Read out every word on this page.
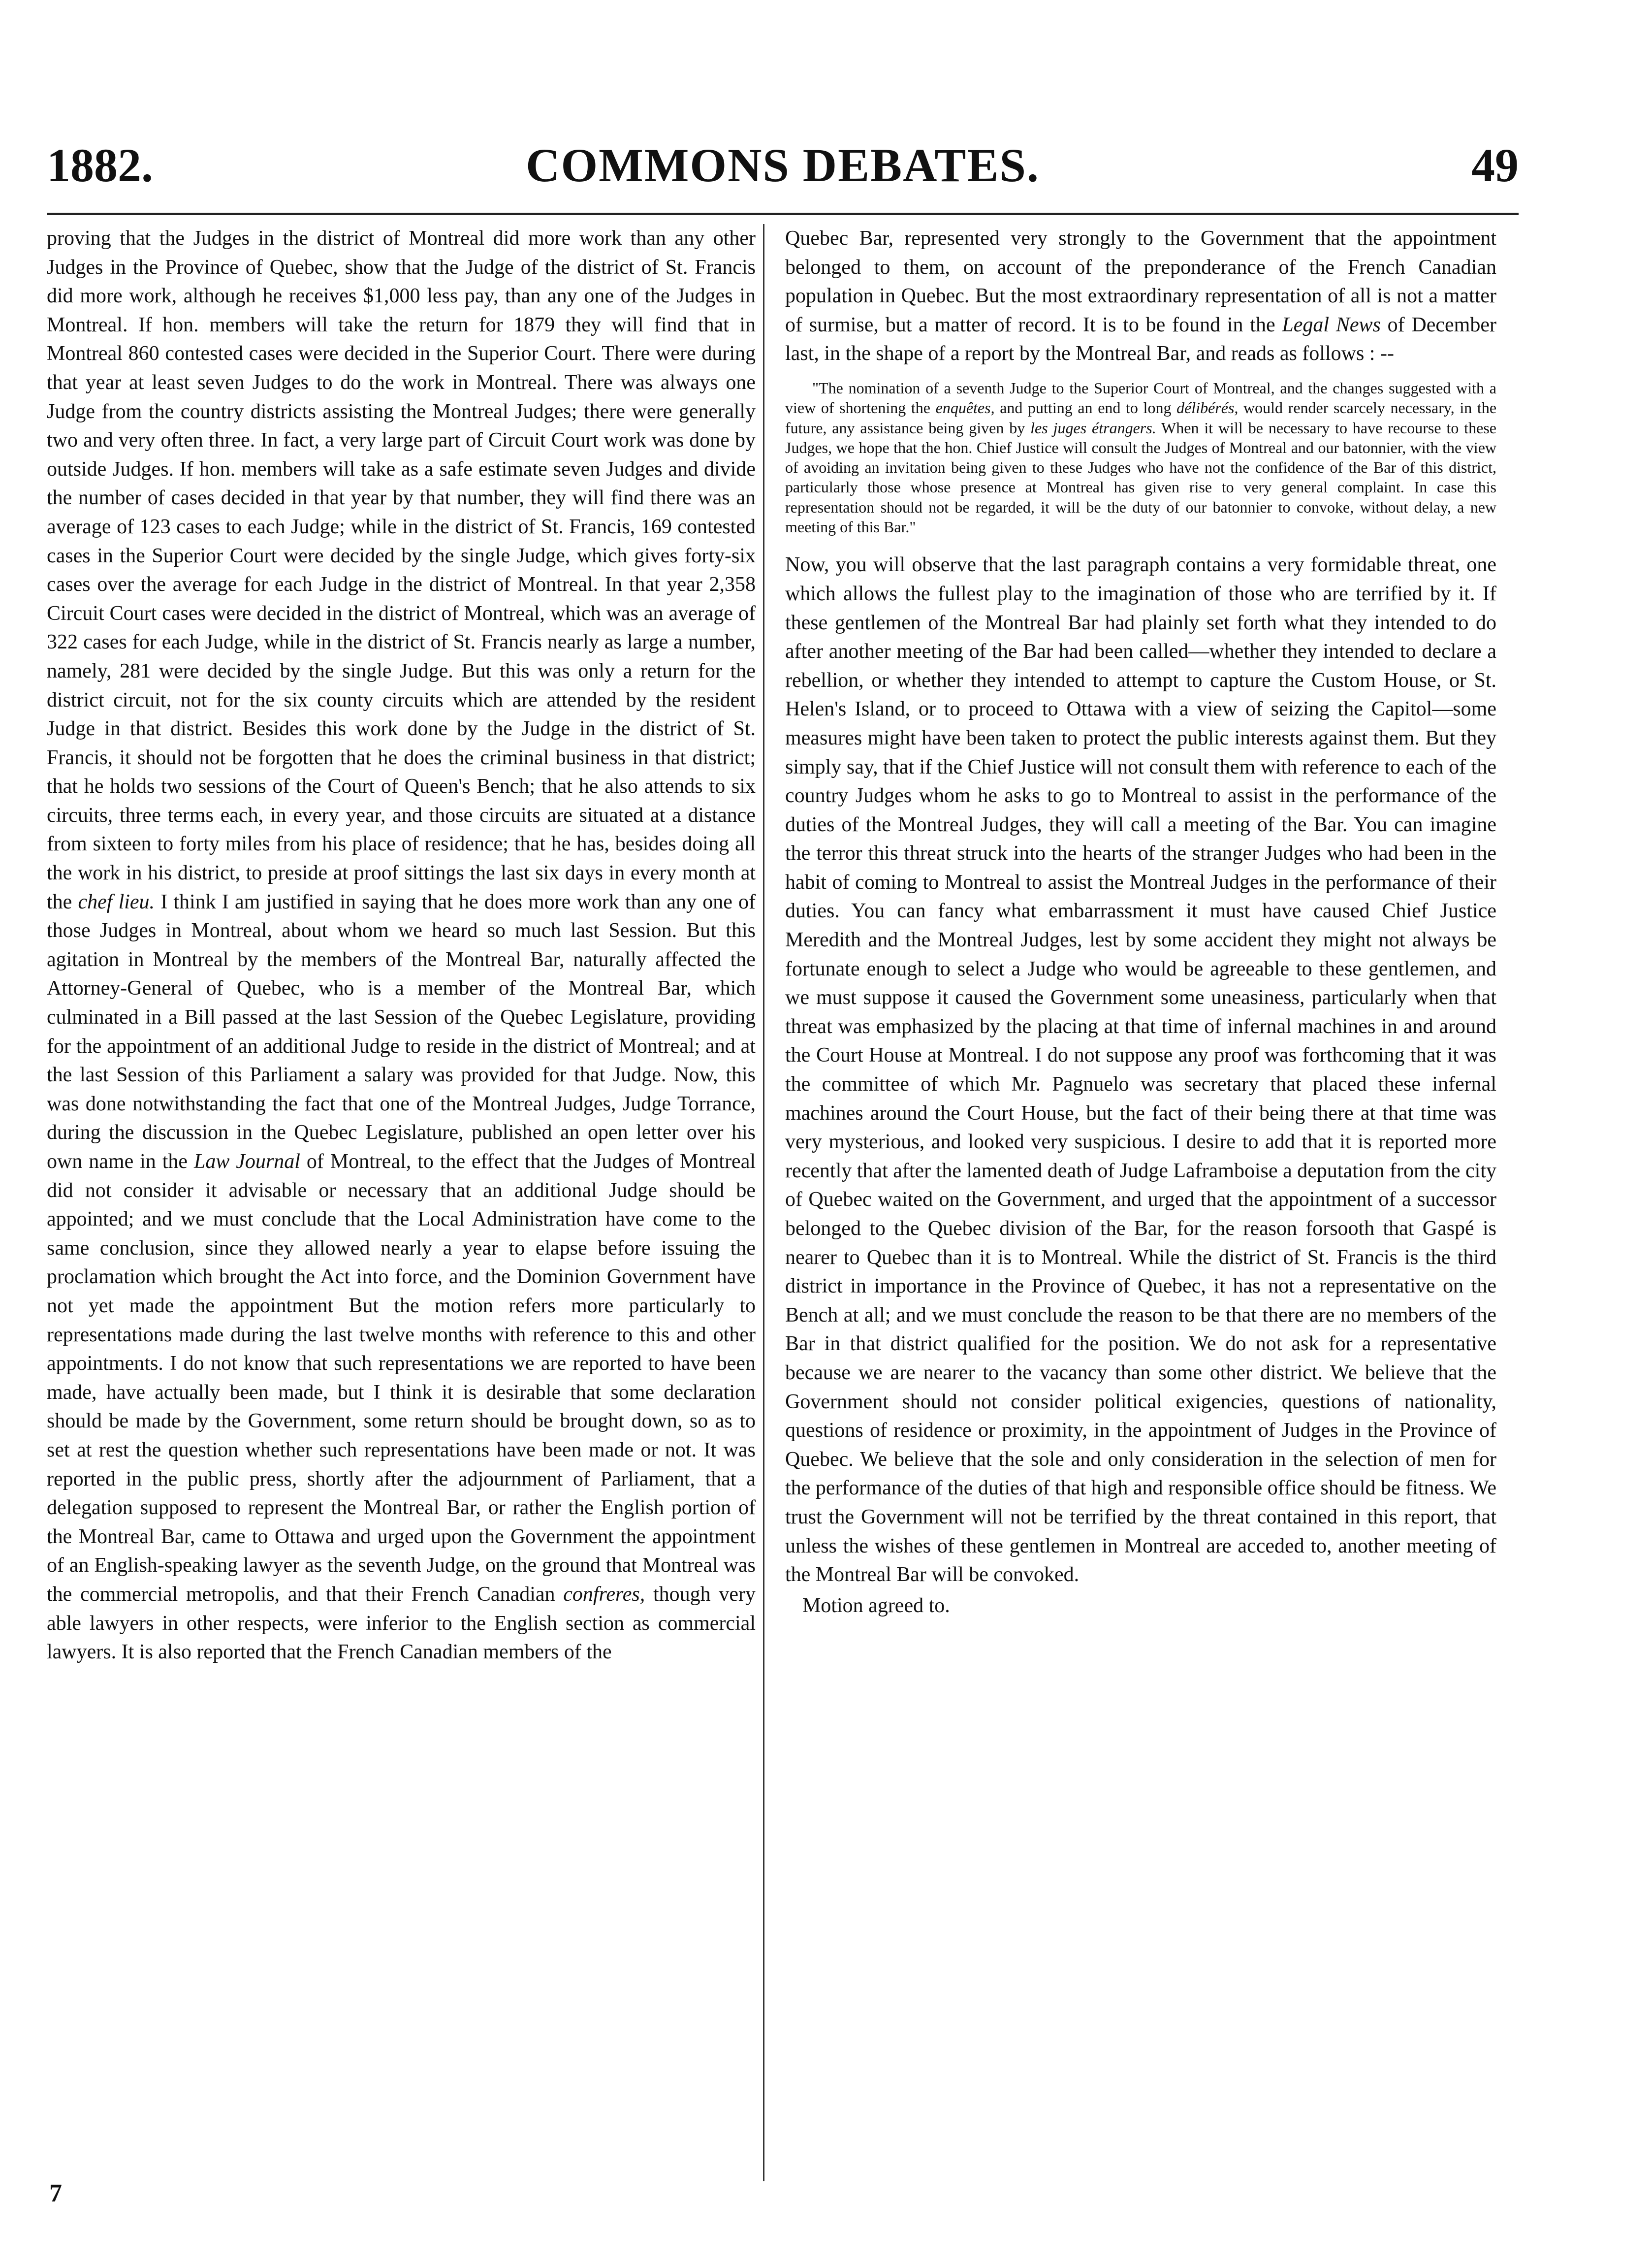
1882.	COMMONS DEBATES.	49

proving that the Judges in the district of Montreal did more work than any other Judges in the Province of Quebec, show that the Judge of the district of St. Francis did more work, although he receives $1,000 less pay, than any one of the Judges in Montreal. If hon. members will take the return for 1879 they will find that in Montreal 860 contested cases were decided in the Superior Court. There were during that year at least seven Judges to do the work in Montreal. There was always one Judge from the country districts assisting the Montreal Judges; there were generally two and very often three. In fact, a very large part of Circuit Court work was done by outside Judges. If hon. members will take as a safe estimate seven Judges and divide the number of cases decided in that year by that number, they will find there was an average of 123 cases to each Judge; while in the district of St. Francis, 169 contested cases in the Superior Court were decided by the single Judge, which gives forty-six cases over the average for each Judge in the district of Montreal. In that year 2,358 Circuit Court cases were decided in the district of Montreal, which was an average of 322 cases for each Judge, while in the district of St. Francis nearly as large a number, namely, 281 were decided by the single Judge. But this was only a return for the district circuit, not for the six county circuits which are attended by the resident Judge in that district. Besides this work done by the Judge in the district of St. Francis, it should not be forgotten that he does the criminal business in that district; that he holds two sessions of the Court of Queen's Bench; that he also attends to six circuits, three terms each, in every year, and those circuits are situated at a distance from sixteen to forty miles from his place of residence; that he has, besides doing all the work in his district, to preside at proof sittings the last six days in every month at the chef lieu. I think I am justified in saying that he does more work than any one of those Judges in Montreal, about whom we heard so much last Session. But this agitation in Montreal by the members of the Montreal Bar, naturally affected the Attorney-General of Quebec, who is a member of the Montreal Bar, which culminated in a Bill passed at the last Session of the Quebec Legislature, providing for the appointment of an additional Judge to reside in the district of Montreal; and at the last Session of this Parliament a salary was provided for that Judge. Now, this was done notwithstanding the fact that one of the Montreal Judges, Judge Torrance, during the discussion in the Quebec Legislature, published an open letter over his own name in the Law Journal of Montreal, to the effect that the Judges of Montreal did not consider it advisable or necessary that an additional Judge should be appointed; and we must conclude that the Local Administration have come to the same conclusion, since they allowed nearly a year to elapse before issuing the proclamation which brought the Act into force, and the Dominion Government have not yet made the appointment But the motion refers more particularly to representations made during the last twelve months with reference to this and other appointments. I do not know that such representations we are reported to have been made, have actually been made, but I think it is desirable that some declaration should be made by the Government, some return should be brought down, so as to set at rest the question whether such representations have been made or not. It was reported in the public press, shortly after the adjournment of Parliament, that a delegation supposed to represent the Montreal Bar, or rather the English portion of the Montreal Bar, came to Ottawa and urged upon the Government the appointment of an English-speaking lawyer as the seventh Judge, on the ground that Montreal was the commercial metropolis, and that their French Canadian confreres, though very able lawyers in other respects, were inferior to the English section as commercial lawyers. It is also reported that the French Canadian members of the

Quebec Bar, represented very strongly to the Government that the appointment belonged to them, on account of the preponderance of the French Canadian population in Quebec. But the most extraordinary representation of all is not a matter of surmise, but a matter of record. It is to be found in the Legal News of December last, in the shape of a report by the Montreal Bar, and reads as follows : --

"The nomination of a seventh Judge to the Superior Court of Montreal, and the changes suggested with a view of shortening the enquêtes, and putting an end to long délibérés, would render scarcely necessary, in the future, any assistance being given by les juges étrangers. When it will be necessary to have recourse to these Judges, we hope that the hon. Chief Justice will consult the Judges of Montreal and our batonnier, with the view of avoiding an invitation being given to these Judges who have not the confidence of the Bar of this district, particularly those whose presence at Montreal has given rise to very general complaint. In case this representation should not be regarded, it will be the duty of our batonnier to convoke, without delay, a new meeting of this Bar."

Now, you will observe that the last paragraph contains a very formidable threat, one which allows the fullest play to the imagination of those who are terrified by it. If these gentlemen of the Montreal Bar had plainly set forth what they intended to do after another meeting of the Bar had been called—whether they intended to declare a rebellion, or whether they intended to attempt to capture the Custom House, or St. Helen's Island, or to proceed to Ottawa with a view of seizing the Capitol—some measures might have been taken to protect the public interests against them. But they simply say, that if the Chief Justice will not consult them with reference to each of the country Judges whom he asks to go to Montreal to assist in the performance of the duties of the Montreal Judges, they will call a meeting of the Bar. You can imagine the terror this threat struck into the hearts of the stranger Judges who had been in the habit of coming to Montreal to assist the Montreal Judges in the performance of their duties. You can fancy what embarrassment it must have caused Chief Justice Meredith and the Montreal Judges, lest by some accident they might not always be fortunate enough to select a Judge who would be agreeable to these gentlemen, and we must suppose it caused the Government some uneasiness, particularly when that threat was emphasized by the placing at that time of infernal machines in and around the Court House at Montreal. I do not suppose any proof was forthcoming that it was the committee of which Mr. Pagnuelo was secretary that placed these infernal machines around the Court House, but the fact of their being there at that time was very mysterious, and looked very suspicious. I desire to add that it is reported more recently that after the lamented death of Judge Laframboise a deputation from the city of Quebec waited on the Government, and urged that the appointment of a successor belonged to the Quebec division of the Bar, for the reason forsooth that Gaspé is nearer to Quebec than it is to Montreal. While the district of St. Francis is the third district in importance in the Province of Quebec, it has not a representative on the Bench at all; and we must conclude the reason to be that there are no members of the Bar in that district qualified for the position. We do not ask for a representative because we are nearer to the vacancy than some other district. We believe that the Government should not consider political exigencies, questions of nationality, questions of residence or proximity, in the appointment of Judges in the Province of Quebec. We believe that the sole and only consideration in the selection of men for the performance of the duties of that high and responsible office should be fitness. We trust the Government will not be terrified by the threat contained in this report, that unless the wishes of these gentlemen in Montreal are acceded to, another meeting of the Montreal Bar will be convoked.

Motion agreed to.

7
